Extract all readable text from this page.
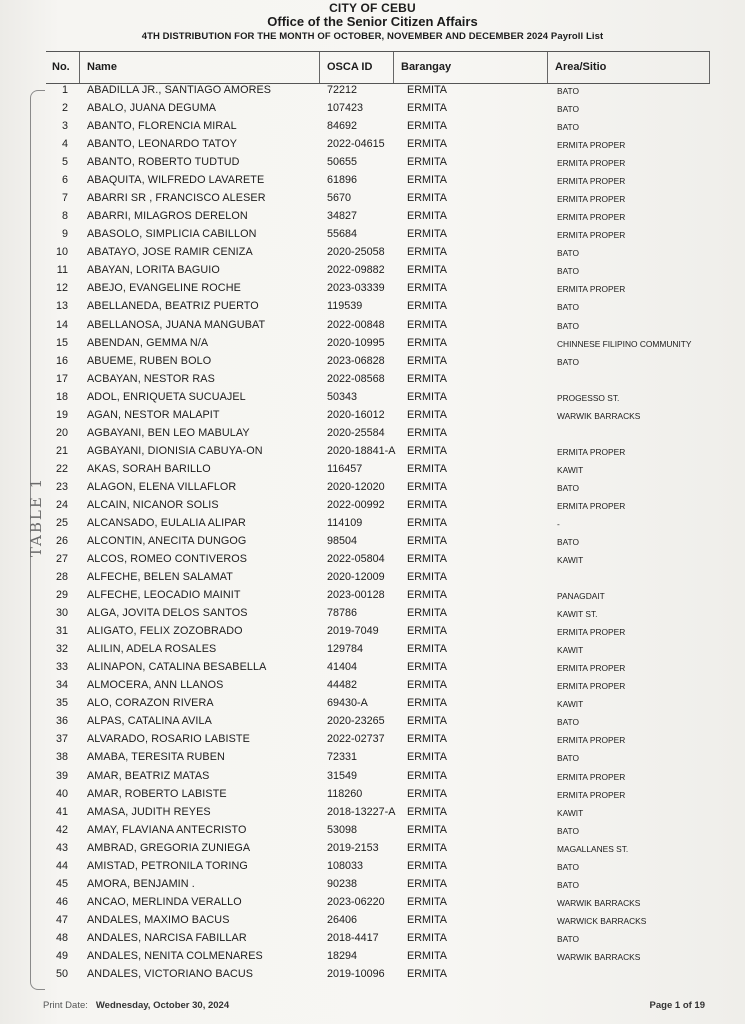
CITY OF CEBU
Office of the Senior Citizen Affairs
4TH DISTRIBUTION FOR THE MONTH OF OCTOBER, NOVEMBER AND DECEMBER 2024 Payroll List
No. Name	OSCA ID	Barangay	Area/Sitio
1 ABADILLA JR., SANTIAGO AMORES	72212	ERMITA	BATO
2 ABALO, JUANA DEGUMA	107423	ERMITA	BATO
3 ABANTO, FLORENCIA MIRAL	84692	ERMITA	BATO
4 ABANTO, LEONARDO TATOY	2022-04615 ERMITA	ERMITA PROPER
5 ABANTO, ROBERTO TUDTUD	50655	ERMITA	ERMITA PROPER
6 ABAQUITA, WILFREDO LAVARETE	61896	ERMITA	ERMITA PROPER
7 ABARRI SR , FRANCISCO ALESER	5670	ERMITA	ERMITA PROPER
8 ABARRI, MILAGROS DERELON	34827	ERMITA	ERMITA PROPER
9 ABASOLO, SIMPLICIA CABILLON	55684	ERMITA	ERMITA PROPER
10 ABATAYO, JOSE RAMIR CENIZA	2020-25058 ERMITA	BATO
11 ABAYAN, LORITA BAGUIO	2022-09882 ERMITA	BATO
12 ABEJO, EVANGELINE ROCHE	2023-03339 ERMITA	ERMITA PROPER
13 ABELLANEDA, BEATRIZ PUERTO	119539	ERMITA	BATO
14 ABELLANOSA, JUANA MANGUBAT	2022-00848 ERMITA	BATO
15 ABENDAN, GEMMA N/A	2020-10995 ERMITA	CHINNESE FILIPINO COMMUNITY
16 ABUEME, RUBEN BOLO	2023-06828 ERMITA	BATO
17 ACBAYAN, NESTOR RAS	2022-08568 ERMITA
18 ADOL, ENRIQUETA SUCUAJEL	50343	ERMITA	PROGESSO ST.
19 AGAN, NESTOR MALAPIT	2020-16012 ERMITA	WARWIK BARRACKS
20 AGBAYANI, BEN LEO MABULAY	2020-25584 ERMITA
21 AGBAYANI, DIONISIA CABUYA-ON	2020-18841-A ERMITA	ERMITA PROPER
22 AKAS, SORAH BARILLO	116457	ERMITA	KAWIT
23 ALAGON, ELENA VILLAFLOR	2020-12020 ERMITA	BATO
24 ALCAIN, NICANOR SOLIS	2022-00992 ERMITA	ERMITA PROPER
25 ALCANSADO, EULALIA ALIPAR	114109	ERMITA	-
26 ALCONTIN, ANECITA DUNGOG	98504	ERMITA	BATO
27 ALCOS, ROMEO CONTIVEROS	2022-05804 ERMITA	KAWIT
28 ALFECHE, BELEN SALAMAT	2020-12009 ERMITA
29 ALFECHE, LEOCADIO MAINIT	2023-00128 ERMITA	PANAGDAIT
30 ALGA, JOVITA DELOS SANTOS	78786	ERMITA	KAWIT ST.
31 ALIGATO, FELIX ZOZOBRADO	2019-7049	ERMITA	ERMITA PROPER
32 ALILIN, ADELA ROSALES	129784	ERMITA	KAWIT
33 ALINAPON, CATALINA BESABELLA	41404	ERMITA	ERMITA PROPER
34 ALMOCERA, ANN LLANOS	44482	ERMITA	ERMITA PROPER
35 ALO, CORAZON RIVERA	69430-A	ERMITA	KAWIT
36 ALPAS, CATALINA AVILA	2020-23265 ERMITA	BATO
37 ALVARADO, ROSARIO LABISTE	2022-02737 ERMITA	ERMITA PROPER
38 AMABA, TERESITA RUBEN	72331	ERMITA	BATO
39 AMAR, BEATRIZ MATAS	31549	ERMITA	ERMITA PROPER
40 AMAR, ROBERTO LABISTE	118260	ERMITA	ERMITA PROPER
41 AMASA, JUDITH REYES	2018-13227-A ERMITA	KAWIT
42 AMAY, FLAVIANA ANTECRISTO	53098	ERMITA	BATO
43 AMBRAD, GREGORIA ZUNIEGA	2019-2153	ERMITA	MAGALLANES ST.
44 AMISTAD, PETRONILA TORING	108033	ERMITA	BATO
45 AMORA, BENJAMIN .	90238	ERMITA	BATO
46 ANCAO, MERLINDA VERALLO	2023-06220 ERMITA	WARWIK BARRACKS
47 ANDALES, MAXIMO BACUS	26406	ERMITA	WARWICK BARRACKS
48 ANDALES, NARCISA FABILLAR	2018-4417	ERMITA	BATO
49 ANDALES, NENITA COLMENARES	18294	ERMITA	WARWIK BARRACKS
50 ANDALES, VICTORIANO BACUS	2019-10096 ERMITA
TABLE 1
Print Date: Wednesday, October 30, 2024	Page 1 of 19
